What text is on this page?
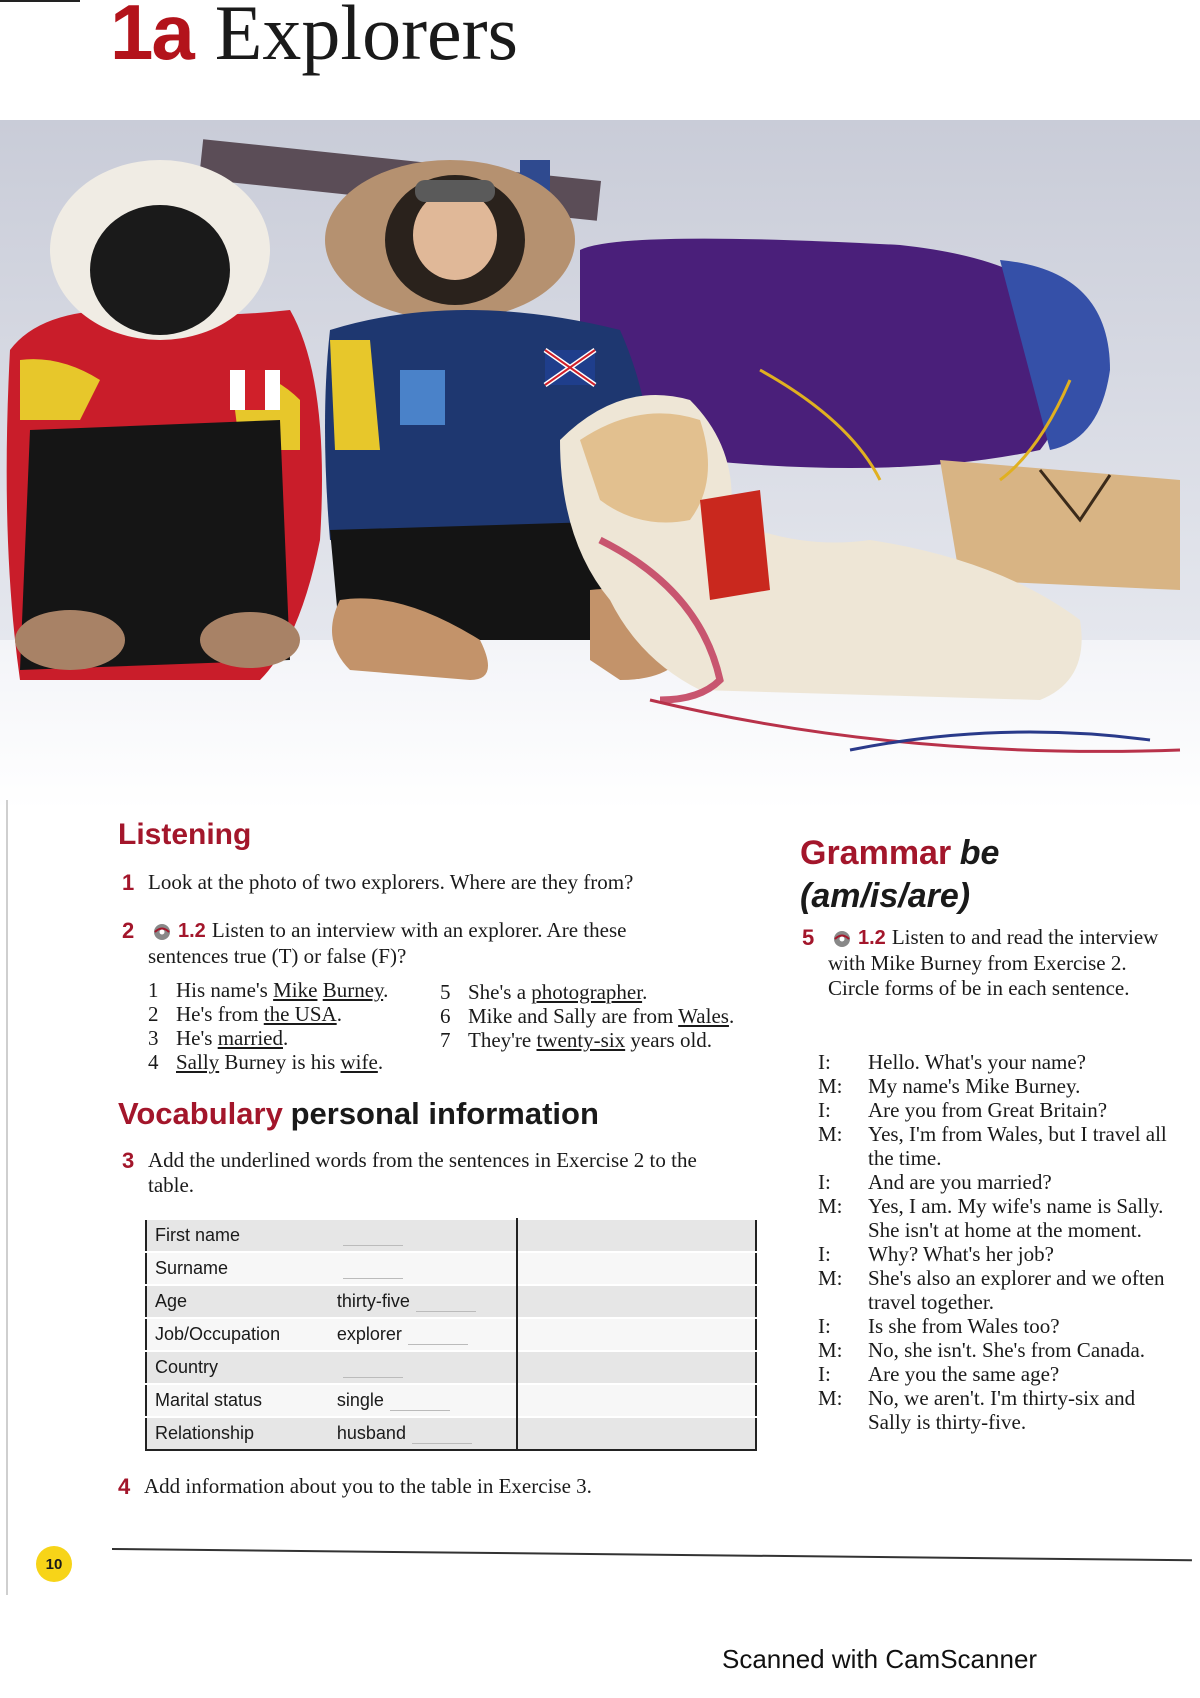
1a Explorers
Listening
1 Look at the photo of two explorers. Where are they from?
2 1.2 Listen to an interview with an explorer. Are these sentences true (T) or false (F)?
1 His name's Mike Burney.
2 He's from the USA.
3 He's married.
4 Sally Burney is his wife.
5 She's a photographer.
6 Mike and Sally are from Wales.
7 They're twenty-six years old.
Vocabulary personal information
3 Add the underlined words from the sentences in Exercise 2 to the table.
First name		
Surname		
Age	thirty-five	
Job/Occupation	explorer	
Country		
Marital status	single	
Relationship	husband	
4 Add information about you to the table in Exercise 3.
Grammar be
(am/is/are)
5 1.2 Listen to and read the interview with Mike Burney from Exercise 2. Circle forms of be in each sentence.
I: Hello. What's your name?
M: My name's Mike Burney.
I: Are you from Great Britain?
M: Yes, I'm from Wales, but I travel all the time.
I: And are you married?
M: Yes, I am. My wife's name is Sally. She isn't at home at the moment.
I: Why? What's her job?
M: She's also an explorer and we often travel together.
I: Is she from Wales too?
M: No, she isn't. She's from Canada.
I: Are you the same age?
M: No, we aren't. I'm thirty-six and Sally is thirty-five.
10
Scanned with CamScanner
